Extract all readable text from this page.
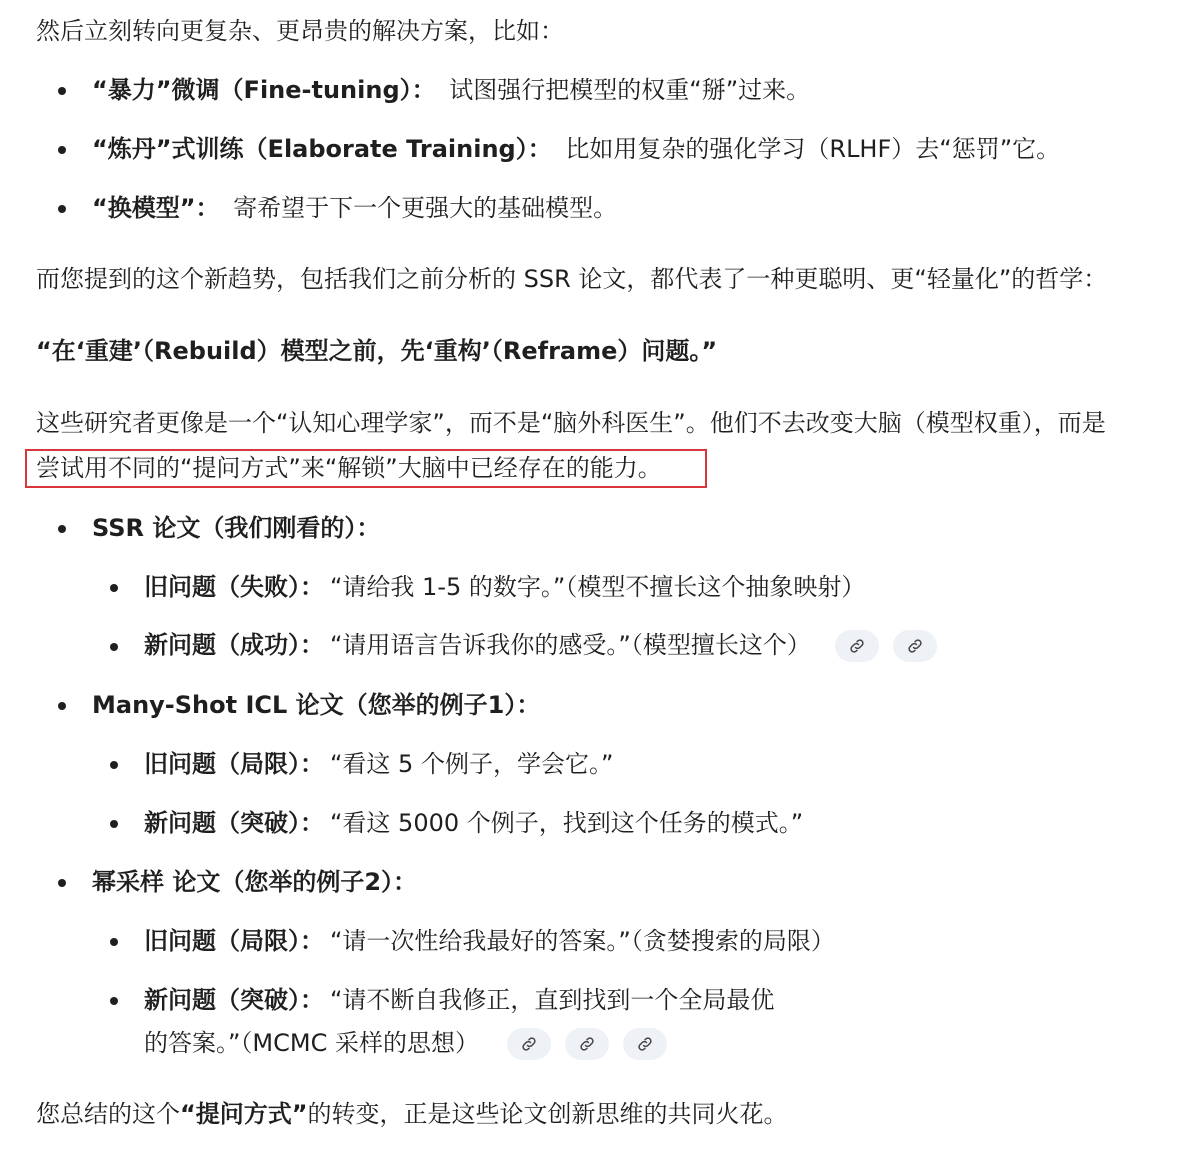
然后立刻转向更复杂、更昂贵的解决方案，比如：
“暴力”微调（Fine-tuning）： 试图强行把模型的权重“掰”过来。
“炼丹”式训练（Elaborate Training）： 比如用复杂的强化学习（RLHF）去“惩罚”它。
“换模型”： 寄希望于下一个更强大的基础模型。
而您提到的这个新趋势，包括我们之前分析的 SSR 论文，都代表了一种更聪明、更“轻量化”的哲学：
“在‘重建’（Rebuild）模型之前，先‘重构’（Reframe）问题。”
这些研究者更像是一个“认知心理学家”，而不是“脑外科医生”。他们不去改变大脑（模型权重），而是
尝试用不同的“提问方式”来“解锁”大脑中已经存在的能力。
SSR 论文（我们刚看的）：
旧问题（失败）： “请给我 1-5 的数字。”（模型不擅长这个抽象映射）
新问题（成功）： “请用语言告诉我你的感受。”（模型擅长这个）
Many-Shot ICL 论文（您举的例子1）：
旧问题（局限）： “看这 5 个例子，学会它。”
新问题（突破）： “看这 5000 个例子，找到这个任务的模式。”
幂采样 论文（您举的例子2）：
旧问题（局限）： “请一次性给我最好的答案。”（贪婪搜索的局限）
新问题（突破）： “请不断自我修正，直到找到一个全局最优
的答案。”（MCMC 采样的思想）
您总结的这个“提问方式”的转变，正是这些论文创新思维的共同火花。
